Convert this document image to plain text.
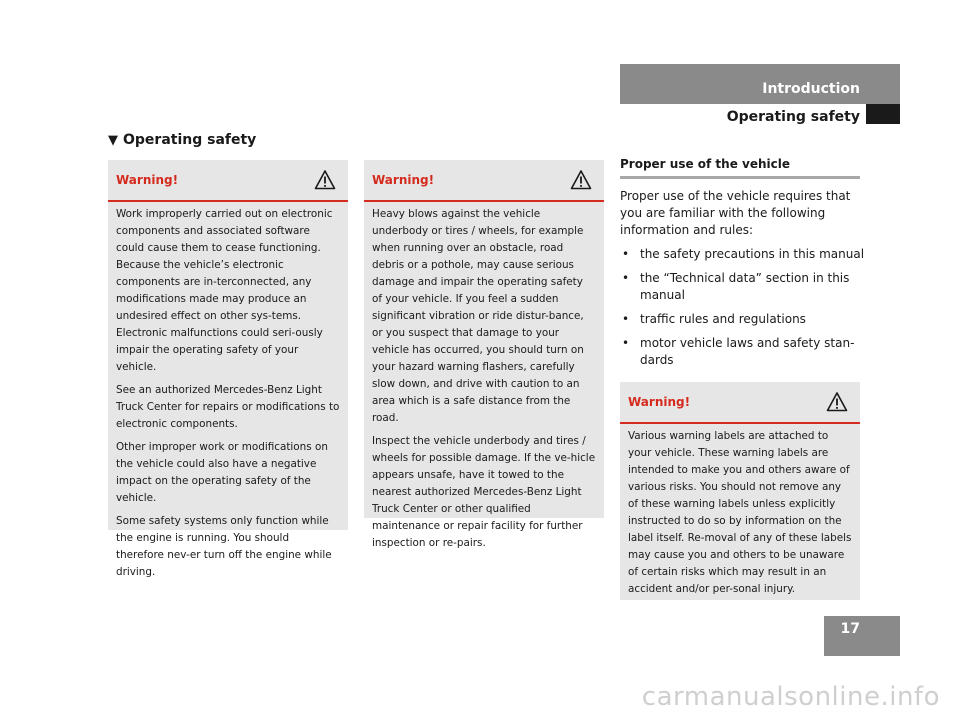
Introduction
Operating safety
▼ Operating safety
Warning!

Work improperly carried out on electronic components and associated software could cause them to cease functioning. Because the vehicle’s electronic components are in-terconnected, any modifications made may produce an undesired effect on other sys-tems. Electronic malfunctions could seri-ously impair the operating safety of your vehicle.

See an authorized Mercedes-Benz Light Truck Center for repairs or modifications to electronic components.

Other improper work or modifications on the vehicle could also have a negative impact on the operating safety of the vehicle.

Some safety systems only function while the engine is running. You should therefore nev-er turn off the engine while driving.

Warning!

Heavy blows against the vehicle underbody or tires / wheels, for example when running over an obstacle, road debris or a pothole, may cause serious damage and impair the operating safety of your vehicle. If you feel a sudden significant vibration or ride distur-bance, or you suspect that damage to your vehicle has occurred, you should turn on your hazard warning flashers, carefully slow down, and drive with caution to an area which is a safe distance from the road.

Inspect the vehicle underbody and tires / wheels for possible damage. If the ve-hicle appears unsafe, have it towed to the nearest authorized Mercedes-Benz Light Truck Center or other qualified maintenance or repair facility for further inspection or re-pairs.

Proper use of the vehicle

Proper use of the vehicle requires that you are familiar with the following information and rules:

• the safety precautions in this manual
• the “Technical data” section in this manual
• traffic rules and regulations
• motor vehicle laws and safety stan-dards
Warning!

Various warning labels are attached to your vehicle. These warning labels are intended to make you and others aware of various risks. You should not remove any of these warning labels unless explicitly instructed to do so by information on the label itself. Re-moval of any of these labels may cause you and others to be unaware of certain risks which may result in an accident and/or per-sonal injury.

17
carmanualsonline.info
